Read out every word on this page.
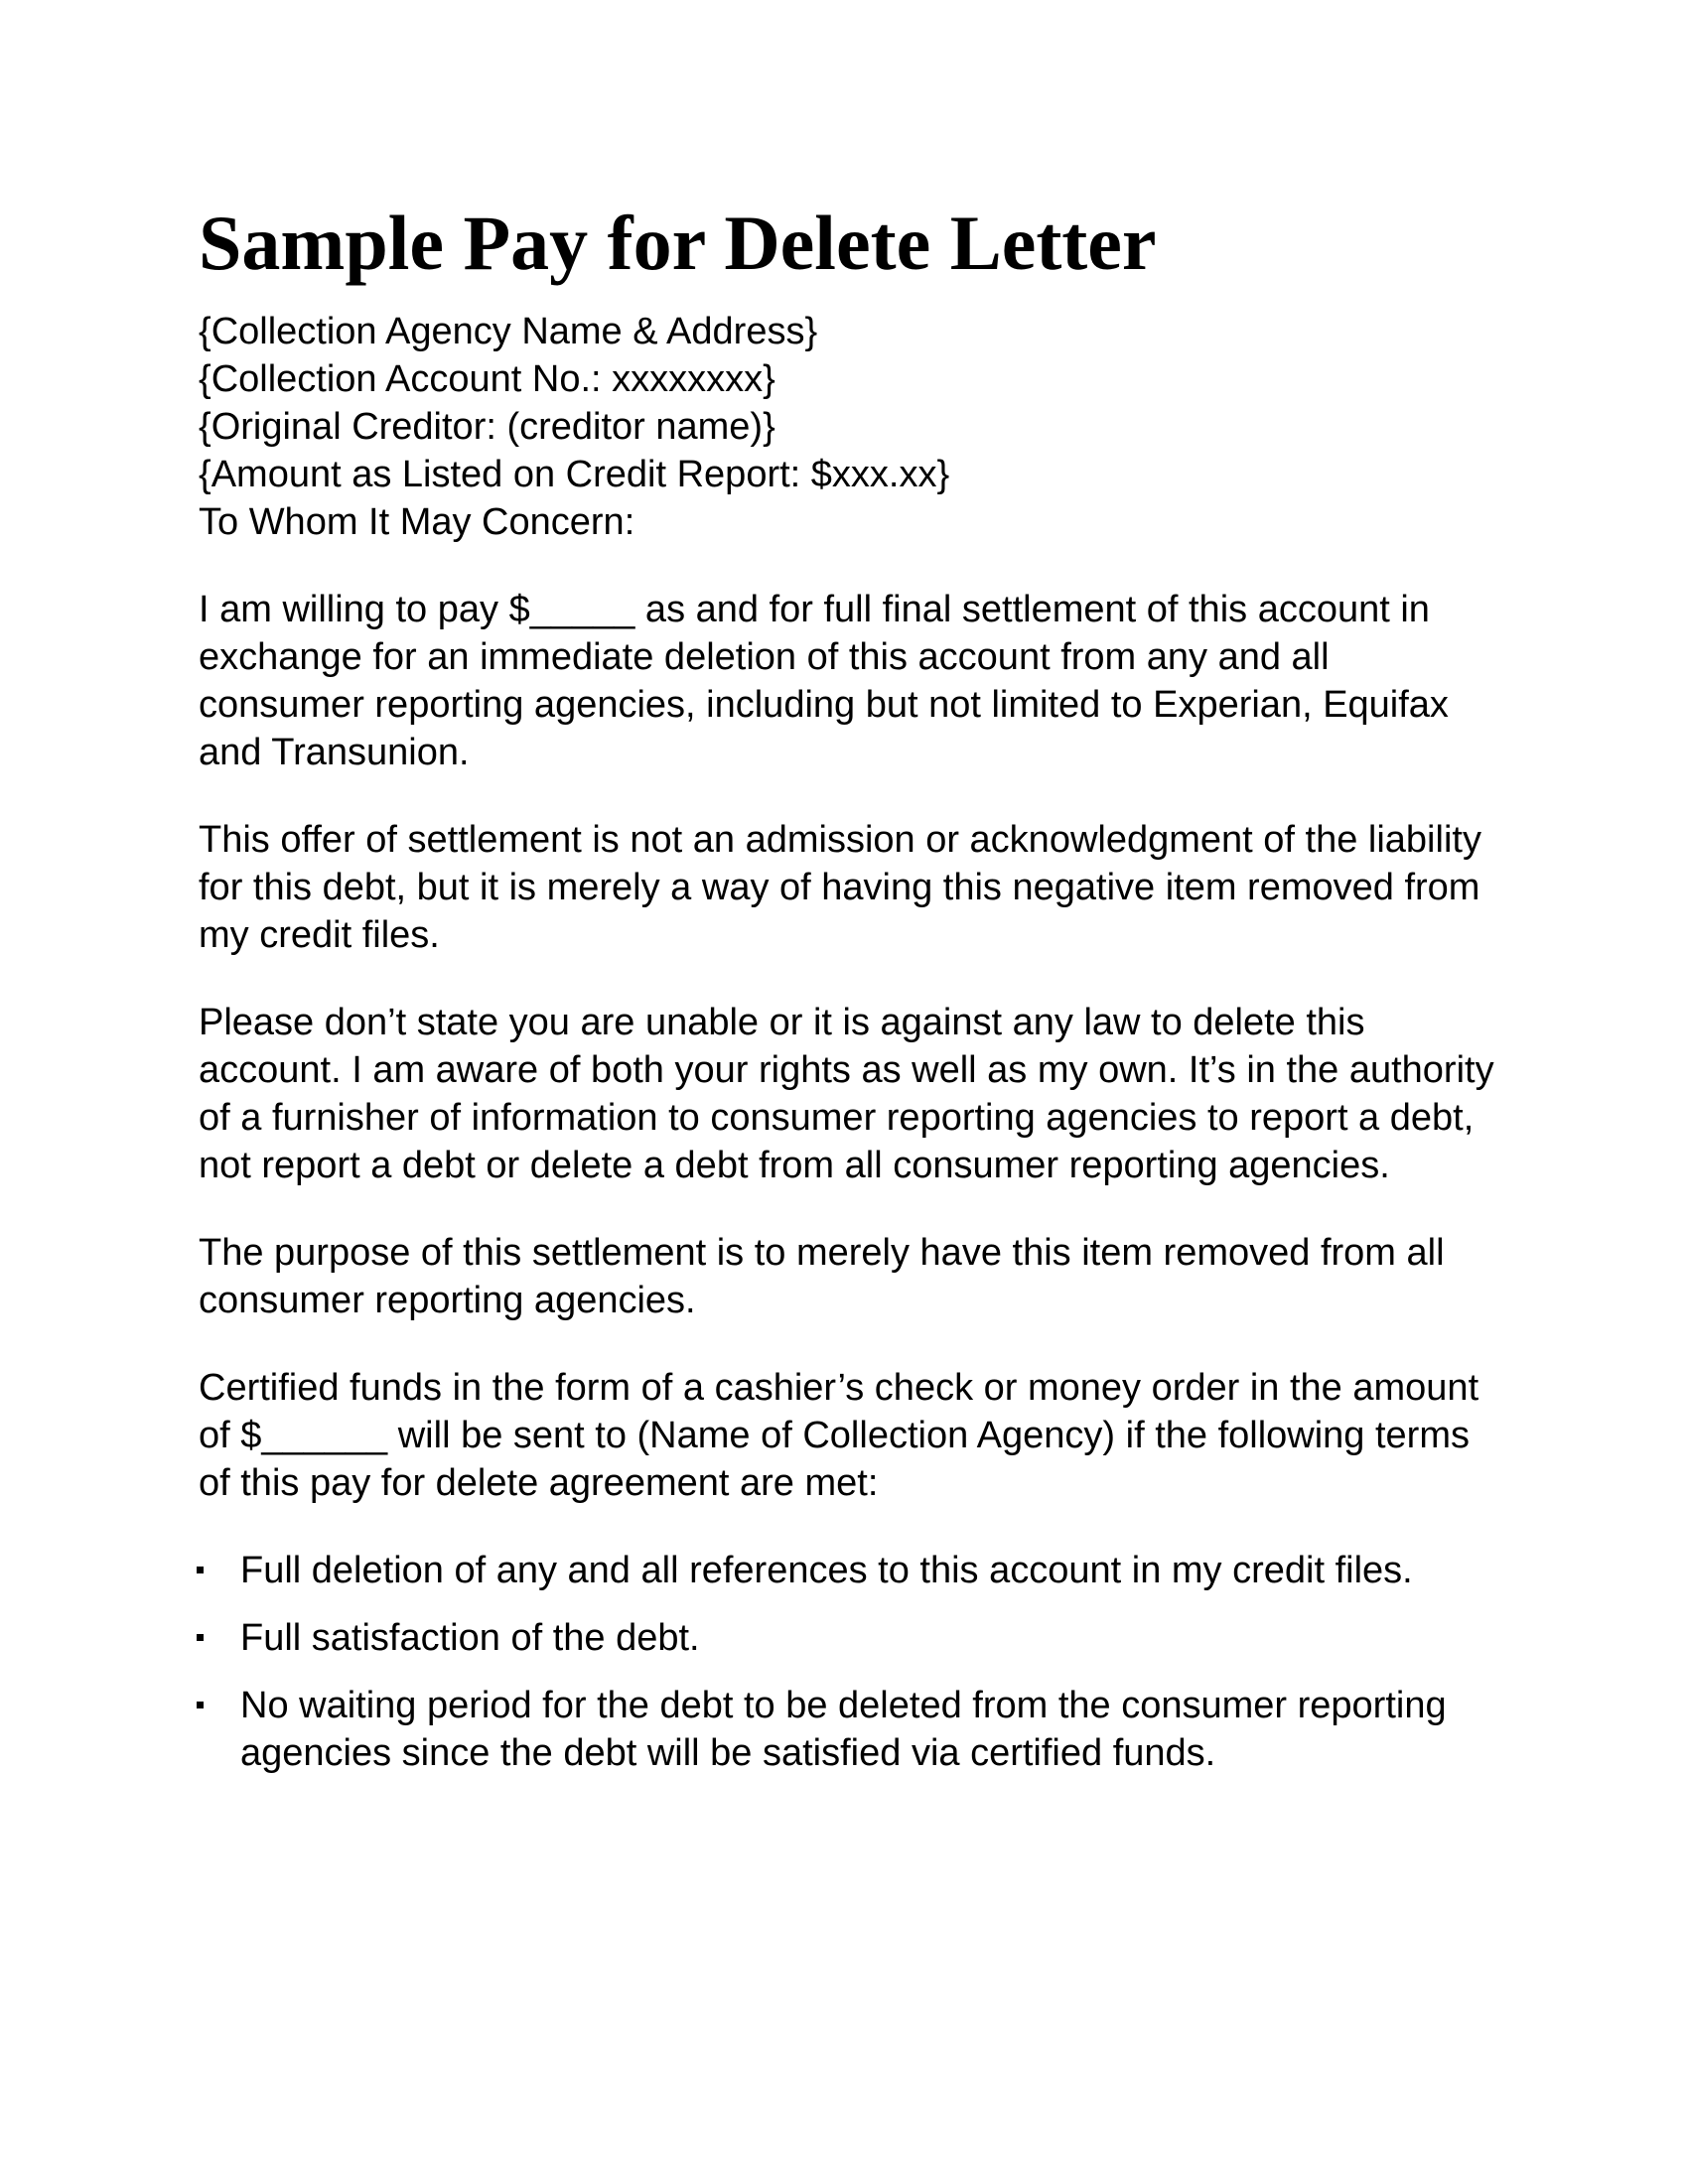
Sample Pay for Delete Letter
{Collection Agency Name & Address}
{Collection Account No.: xxxxxxxx}
{Original Creditor: (creditor name)}
{Amount as Listed on Credit Report: $xxx.xx}
To Whom It May Concern:

I am willing to pay $_____ as and for full final settlement of this account in exchange for an immediate deletion of this account from any and all consumer reporting agencies, including but not limited to Experian, Equifax and Transunion.

This offer of settlement is not an admission or acknowledgment of the liability for this debt, but it is merely a way of having this negative item removed from my credit files.

Please don’t state you are unable or it is against any law to delete this account. I am aware of both your rights as well as my own. It’s in the authority of a furnisher of information to consumer reporting agencies to report a debt, not report a debt or delete a debt from all consumer reporting agencies.

The purpose of this settlement is to merely have this item removed from all consumer reporting agencies.

Certified funds in the form of a cashier’s check or money order in the amount of $______ will be sent to (Name of Collection Agency) if the following terms of this pay for delete agreement are met:

Full deletion of any and all references to this account in my credit files.
Full satisfaction of the debt.
No waiting period for the debt to be deleted from the consumer reporting agencies since the debt will be satisfied via certified funds.
